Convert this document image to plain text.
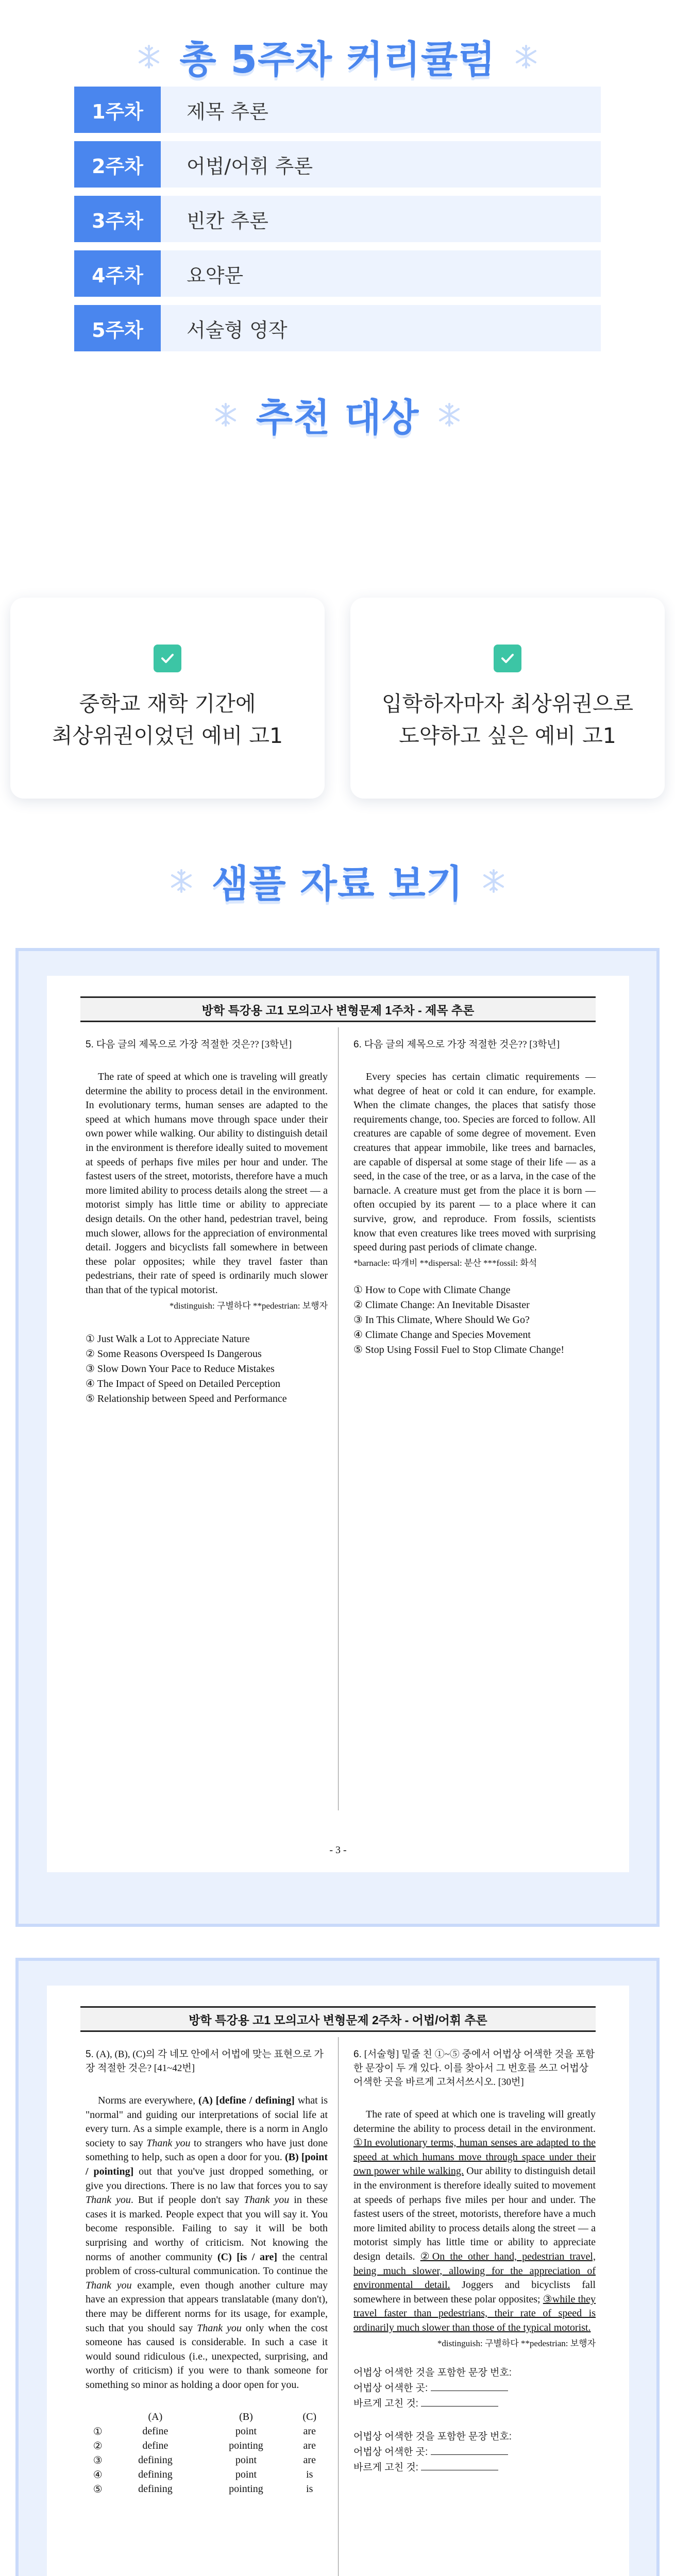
총 5주차 커리큘럼
1주차	제목 추론
2주차	어법/어휘 추론
3주차	빈칸 추론
4주차	요약문
5주차	서술형 영작
추천 대상

중학교 재학 기간에

최상위권이었던 예비 고1

입학하자마자 최상위권으로

도약하고 싶은 예비 고1

샘플 자료 보기
방학 특강용 고1 모의고사 변형문제 1주차 - 제목 추론
5. 다음 글의 제목으로 가장 적절한 것은?? [3학년]
The rate of speed at which one is traveling will greatly determine the ability to process detail in the environment. In evolutionary terms, human senses are adapted to the speed at which humans move through space under their own power while walking. Our ability to distinguish detail in the environment is therefore ideally suited to movement at speeds of perhaps five miles per hour and under. The fastest users of the street, motorists, therefore have a much more limited ability to process details along the street — a motorist simply has little time or ability to appreciate design details. On the other hand, pedestrian travel, being much slower, allows for the appreciation of environmental detail. Joggers and bicyclists fall somewhere in between these polar opposites; while they travel faster than pedestrians, their rate of speed is ordinarily much slower than that of the typical motorist.
*distinguish: 구별하다 **pedestrian: 보행자
① Just Walk a Lot to Appreciate Nature
② Some Reasons Overspeed Is Dangerous
③ Slow Down Your Pace to Reduce Mistakes
④ The Impact of Speed on Detailed Perception
⑤ Relationship between Speed and Performance
6. 다음 글의 제목으로 가장 적절한 것은?? [3학년]
Every species has certain climatic requirements — what degree of heat or cold it can endure, for example. When the climate changes, the places that satisfy those requirements change, too. Species are forced to follow. All creatures are capable of some degree of movement. Even creatures that appear immobile, like trees and barnacles, are capable of dispersal at some stage of their life — as a seed, in the case of the tree, or as a larva, in the case of the barnacle. A creature must get from the place it is born — often occupied by its parent — to a place where it can survive, grow, and reproduce. From fossils, scientists know that even creatures like trees moved with surprising speed during past periods of climate change.
*barnacle: 따개비 **dispersal: 분산 ***fossil: 화석
① How to Cope with Climate Change
② Climate Change: An Inevitable Disaster
③ In This Climate, Where Should We Go?
④ Climate Change and Species Movement
⑤ Stop Using Fossil Fuel to Stop Climate Change!
- 3 -
방학 특강용 고1 모의고사 변형문제 2주차 - 어법/어휘 추론
5. (A), (B), (C)의 각 네모 안에서 어법에 맞는 표현으로 가장 적절한 것은? [41~42번]
Norms are everywhere, (A) [define / defining] what is "normal" and guiding our interpretations of social life at every turn. As a simple example, there is a norm in Anglo society to say Thank you to strangers who have just done something to help, such as open a door for you. (B) [point / pointing] out that you've just dropped something, or give you directions. There is no law that forces you to say Thank you. But if people don't say Thank you in these cases it is marked. People expect that you will say it. You become responsible. Failing to say it will be both surprising and worthy of criticism. Not knowing the norms of another community (C) [is / are] the central problem of cross-cultural communication. To continue the Thank you example, even though another culture may have an expression that appears translatable (many don't), there may be different norms for its usage, for example, such that you should say Thank you only when the cost someone has caused is considerable. In such a case it would sound ridiculous (i.e., unexpected, surprising, and worthy of criticism) if you were to thank someone for something so minor as holding a door open for you.
	(A)	(B)	(C)
①	define	point	are
②	define	pointing	are
③	defining	point	are
④	defining	point	is
⑤	defining	pointing	is
6. [서술형] 밑줄 친 ①~⑤ 중에서 어법상 어색한 것을 포함한 문장이 두 개 있다. 이를 찾아서 그 번호를 쓰고 어법상 어색한 곳을 바르게 고쳐서쓰시오. [30번]
The rate of speed at which one is traveling will greatly determine the ability to process detail in the environment. ①In evolutionary terms, human senses are adapted to the speed at which humans move through space under their own power while walking. Our ability to distinguish detail in the environment is therefore ideally suited to movement at speeds of perhaps five miles per hour and under. The fastest users of the street, motorists, therefore have a much more limited ability to process details along the street — a motorist simply has little time or ability to appreciate design details. ②On the other hand, pedestrian travel, being much slower, allowing for the appreciation of environmental detail. Joggers and bicyclists fall somewhere in between these polar opposites; ③while they travel faster than pedestrians, their rate of speed is ordinarily much slower than those of the typical motorist.
*distinguish: 구별하다 **pedestrian: 보행자
어법상 어색한 것을 포함한 문장 번호:
어법상 어색한 곳:
바르게 고친 것:
어법상 어색한 것을 포함한 문장 번호:
어법상 어색한 곳:
바르게 고친 것:
